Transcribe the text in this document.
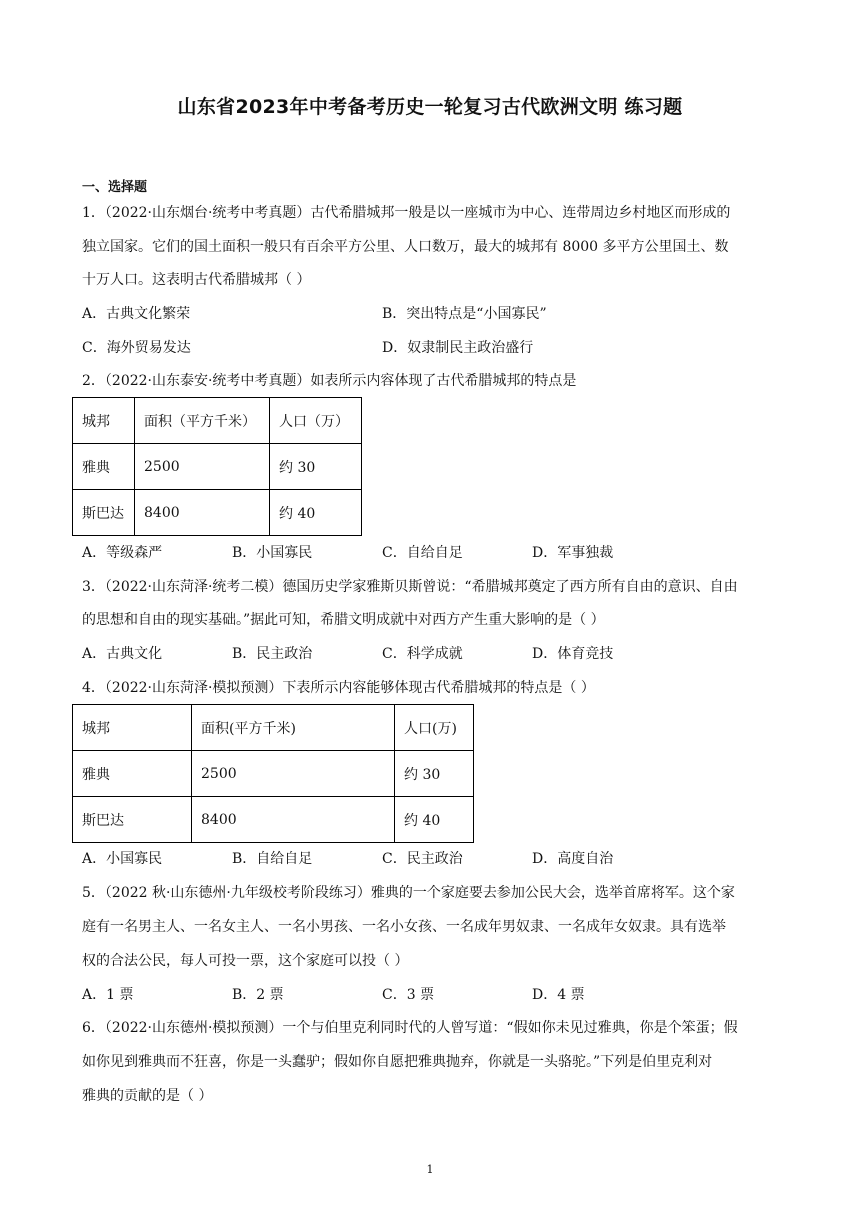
山东省2023年中考备考历史一轮复习古代欧洲文明 练习题
一、选择题
1．（2022·山东烟台·统考中考真题）古代希腊城邦一般是以一座城市为中心、连带周边乡村地区而形成的
独立国家。它们的国土面积一般只有百余平方公里、人口数万，最大的城邦有 8000 多平方公里国土、数
十万人口。这表明古代希腊城邦（ ）
A．古典文化繁荣	B．突出特点是“小国寡民”
C．海外贸易发达	D．奴隶制民主政治盛行
2．（2022·山东泰安·统考中考真题）如表所示内容体现了古代希腊城邦的特点是
城邦	面积（平方千米）	人口（万）
雅典	2500	约 30
斯巴达	8400	约 40
A．等级森严	B．小国寡民	C．自给自足	D．军事独裁
3．（2022·山东菏泽·统考二模）德国历史学家雅斯贝斯曾说：“希腊城邦奠定了西方所有自由的意识、自由
的思想和自由的现实基础。”据此可知，希腊文明成就中对西方产生重大影响的是（ ）
A．古典文化	B．民主政治	C．科学成就	D．体育竞技
4．（2022·山东菏泽·模拟预测）下表所示内容能够体现古代希腊城邦的特点是（ ）
城邦	面积(平方千米)	人口(万)
雅典	2500	约 30
斯巴达	8400	约 40
A．小国寡民	B．自给自足	C．民主政治	D．高度自治
5．（2022 秋·山东德州·九年级校考阶段练习）雅典的一个家庭要去参加公民大会，选举首席将军。这个家
庭有一名男主人、一名女主人、一名小男孩、一名小女孩、一名成年男奴隶、一名成年女奴隶。具有选举
权的合法公民，每人可投一票，这个家庭可以投（ ）
A．1 票	B．2 票	C．3 票	D．4 票
6．（2022·山东德州·模拟预测）一个与伯里克利同时代的人曾写道：“假如你未见过雅典，你是个笨蛋；假
如你见到雅典而不狂喜，你是一头蠢驴；假如你自愿把雅典抛弃，你就是一头骆驼。”下列是伯里克利对
雅典的贡献的是（ ）
1
